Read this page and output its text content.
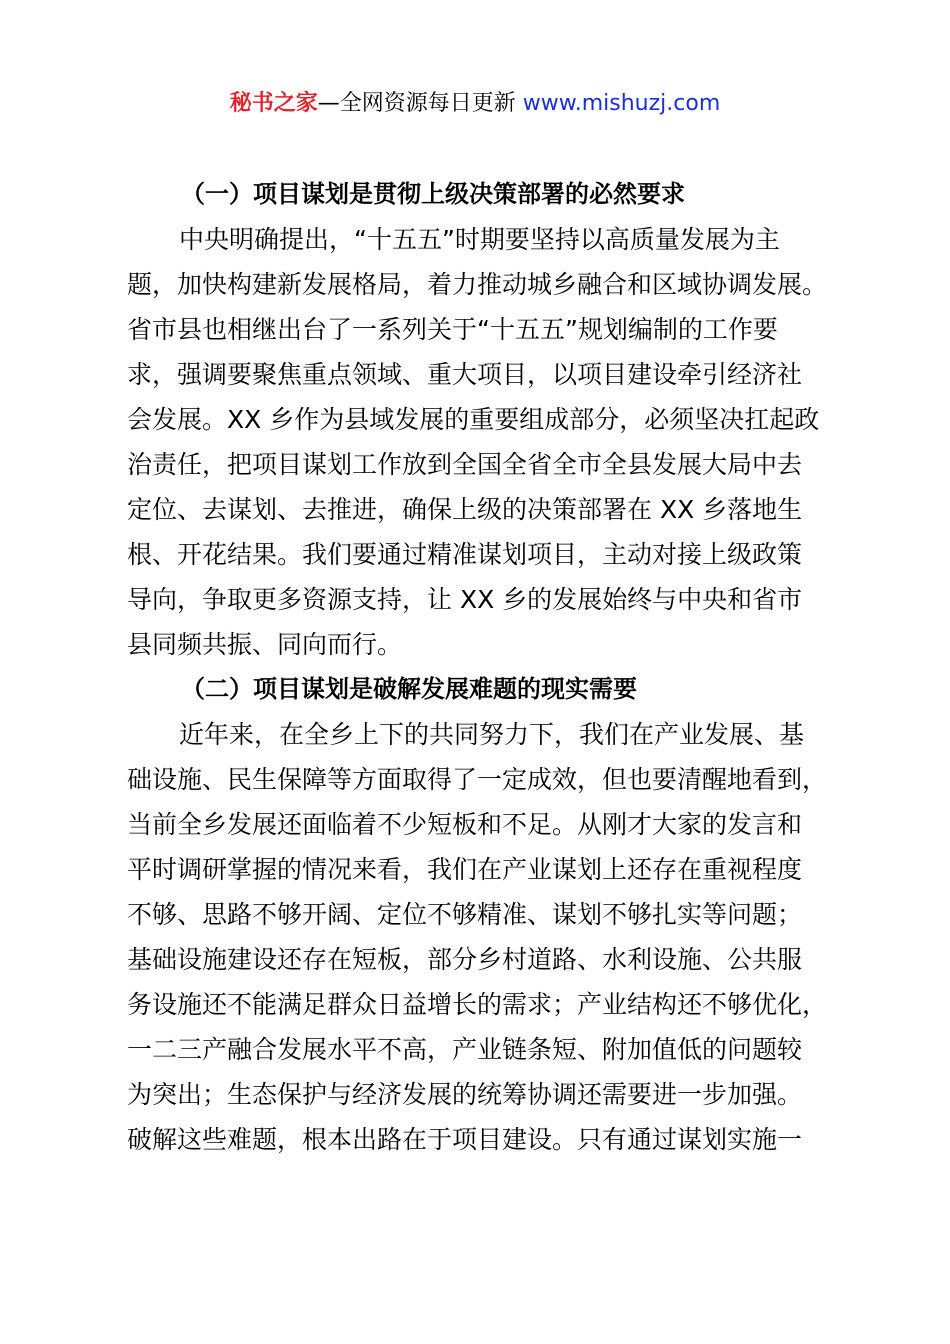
秘书之家—全网资源每日更新 www.mishuzj.com
（一）项目谋划是贯彻上级决策部署的必然要求
中央明确提出，“十五五”时期要坚持以高质量发展为主
题，加快构建新发展格局，着力推动城乡融合和区域协调发展。
省市县也相继出台了一系列关于“十五五”规划编制的工作要
求，强调要聚焦重点领域、重大项目，以项目建设牵引经济社
会发展。XX 乡作为县域发展的重要组成部分，必须坚决扛起政
治责任，把项目谋划工作放到全国全省全市全县发展大局中去
定位、去谋划、去推进，确保上级的决策部署在 XX 乡落地生
根、开花结果。我们要通过精准谋划项目，主动对接上级政策
导向，争取更多资源支持，让 XX 乡的发展始终与中央和省市
县同频共振、同向而行。
（二）项目谋划是破解发展难题的现实需要
近年来，在全乡上下的共同努力下，我们在产业发展、基
础设施、民生保障等方面取得了一定成效，但也要清醒地看到，
当前全乡发展还面临着不少短板和不足。从刚才大家的发言和
平时调研掌握的情况来看，我们在产业谋划上还存在重视程度
不够、思路不够开阔、定位不够精准、谋划不够扎实等问题；
基础设施建设还存在短板，部分乡村道路、水利设施、公共服
务设施还不能满足群众日益增长的需求；产业结构还不够优化，
一二三产融合发展水平不高，产业链条短、附加值低的问题较
为突出；生态保护与经济发展的统筹协调还需要进一步加强。
破解这些难题，根本出路在于项目建设。只有通过谋划实施一
